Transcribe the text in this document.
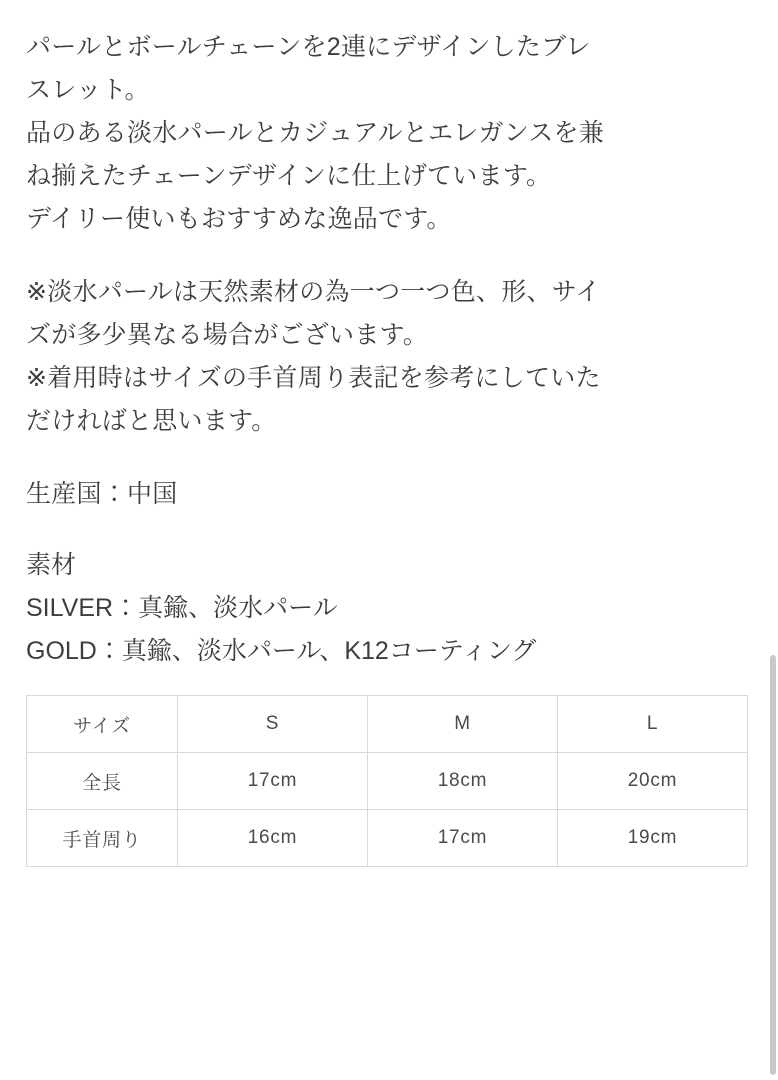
パールとボールチェーンを2連にデザインしたブレ
スレット。
品のある淡水パールとカジュアルとエレガンスを兼
ね揃えたチェーンデザインに仕上げています。
デイリー使いもおすすめな逸品です。

※淡水パールは天然素材の為一つ一つ色、形、サイ
ズが多少異なる場合がございます。
※着用時はサイズの手首周り表記を参考にしていた
だければと思います。

生産国：中国

素材
SILVER：真鍮、淡水パール
GOLD：真鍮、淡水パール、K12コーティング
サイズ	S	M	L
全長	17cm	18cm	20cm
手首周り	16cm	17cm	19cm
